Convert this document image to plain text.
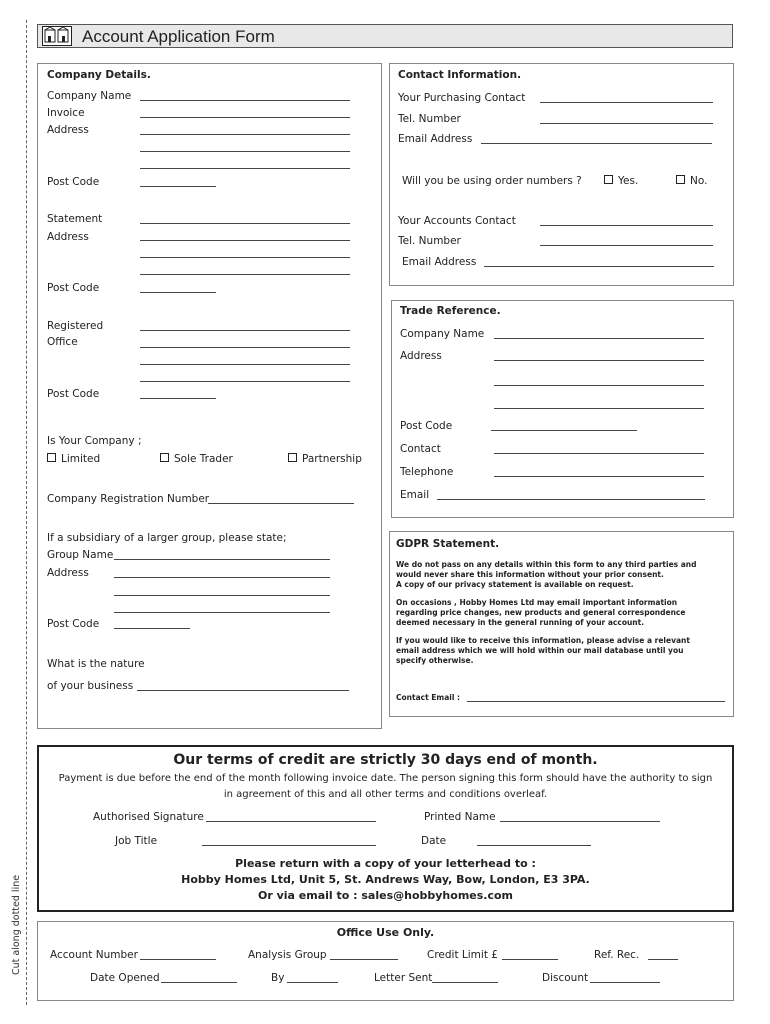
Cut along dotted line
Account Application Form
Company Details.
Company Name
Invoice
Address
Post Code
Statement
Address
Post Code
Registered
Office
Post Code
Is Your Company ;
Limited	Sole Trader	Partnership
Company Registration Number
If a subsidiary of a larger group, please state;
Group Name
Address
Post Code
What is the nature
of your business
Contact Information.
Your Purchasing Contact
Tel. Number
Email Address
Will you be using order numbers ?	Yes.	No.
Your Accounts Contact
Tel. Number
Email Address
Trade Reference.
Company Name
Address
Post Code
Contact
Telephone
Email
GDPR Statement.
We do not pass on any details within this form to any third parties and
would never share this information without your prior consent.
A copy of our privacy statement is available on request.
On occasions , Hobby Homes Ltd may email important information
regarding price changes, new products and general correspondence
deemed necessary in the general running of your account.
If you would like to receive this information, please advise a relevant
email address which we will hold within our mail database until you
specify otherwise.
Contact Email :
Our terms of credit are strictly 30 days end of month.
Payment is due before the end of the month following invoice date. The person signing this form should have the authority to sign
in agreement of this and all other terms and conditions overleaf.
Authorised Signature	Printed Name
Job Title	Date
Please return with a copy of your letterhead to :
Hobby Homes Ltd, Unit 5, St. Andrews Way, Bow, London, E3 3PA.
Or via email to : sales@hobbyhomes.com
Office Use Only.
Account Number	Analysis Group	Credit Limit £	Ref. Rec.
Date Opened	By	Letter Sent	Discount
